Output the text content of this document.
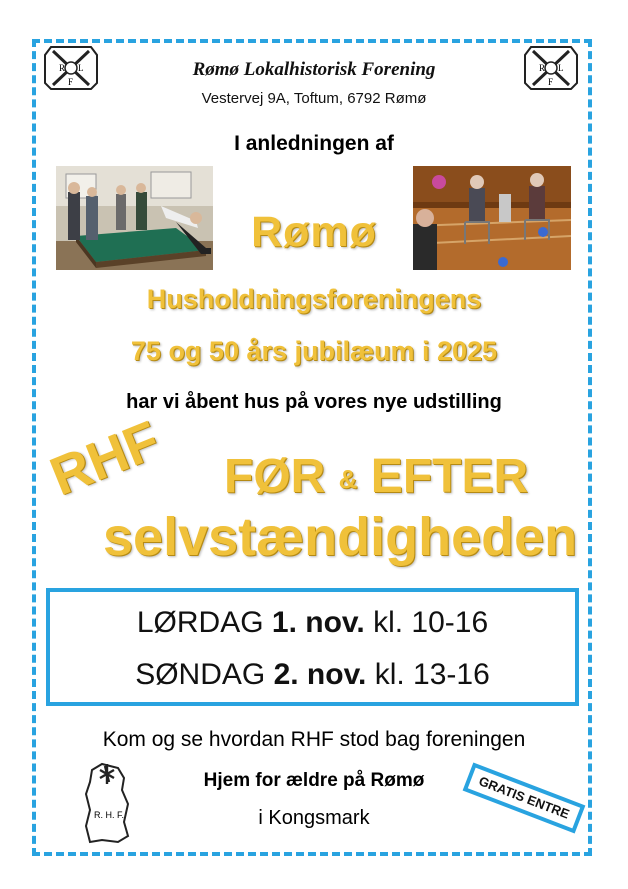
R L
F
R L
F
Rømø Lokalhistorisk Forening
Vestervej 9A, Toftum, 6792 Rømø
I anledningen af
Rømø
Husholdningsforeningens
75 og 50 års jubilæum i 2025
har vi åbent hus på vores nye udstilling
RHF FØR & EFTER
selvstændigheden
LØRDAG 1. nov. kl. 10-16
SØNDAG 2. nov. kl. 13-16
Kom og se hvordan RHF stod bag foreningen
Hjem for ældre på Rømø
i Kongsmark
R. H. F.	GRATIS ENTRE
